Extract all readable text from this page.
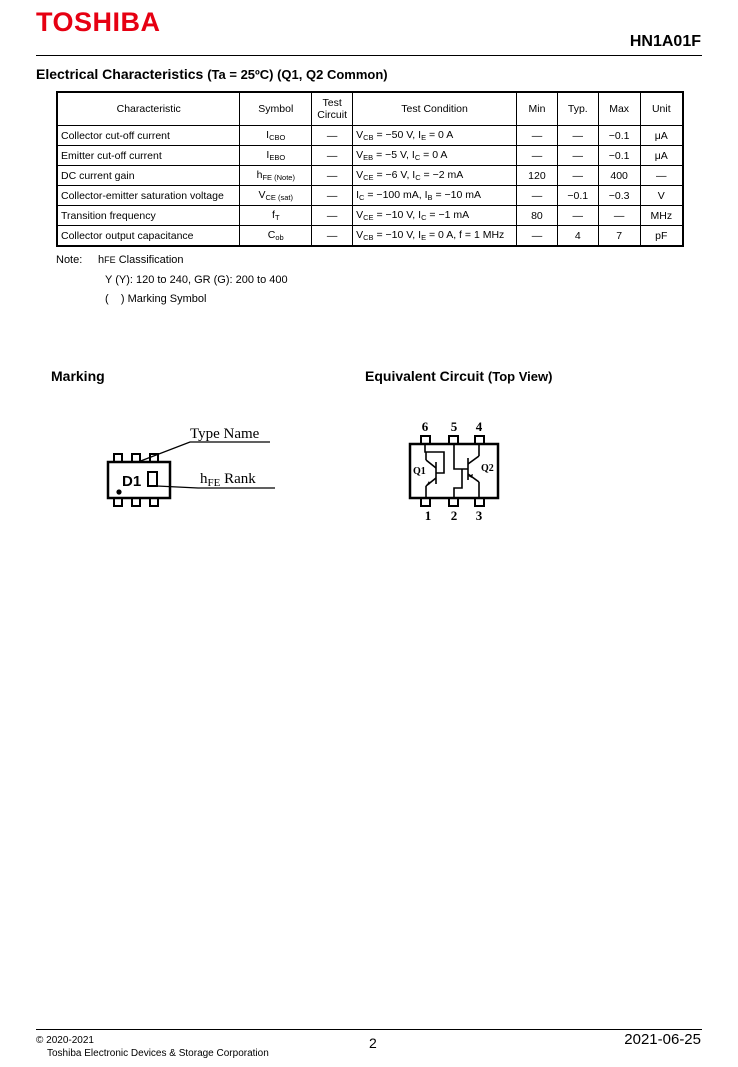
TOSHIBA
HN1A01F
Electrical Characteristics (Ta = 25ºC) (Q1, Q2 Common)
Characteristic	Symbol	Test Circuit	Test Condition	Min	Typ.	Max	Unit
Collector cut-off current	$I_{CBO}$	—	$V_{CB} = -50$ V, $I_E = 0$ A	—	—	−0.1	μA
Emitter cut-off current	$I_{EBO}$	—	$V_{EB} = -5$ V, $I_C = 0$ A	—	—	−0.1	μA
DC current gain	$h_{FE (Note)}$	—	$V_{CE} = -6$ V, $I_C = -2$ mA	120	—	400	—
Collector-emitter saturation voltage	$V_{CE (sat)}$	—	$I_C = -100$ mA, $I_B = -10$ mA	—	−0.1	−0.3	V
Transition frequency	$f_T$	—	$V_{CE} = -10$ V, $I_C = -1$ mA	80	—	—	MHz
Collector output capacitance	$C_{ob}$	—	$V_{CB} = -10$ V, $I_E = 0$ A, f = 1 MHz	—	4	7	pF
Note: hFE Classification
Y (Y): 120 to 240, GR (G): 200 to 400
(    ) Marking Symbol
Marking	Equivalent Circuit (Top View)
D1
Type Name
$h_{FE}$ Rank
6 5 4
1 2 3
Q1	Q2
© 2020-2021
Toshiba Electronic Devices & Storage Corporation
2	2021-06-25
